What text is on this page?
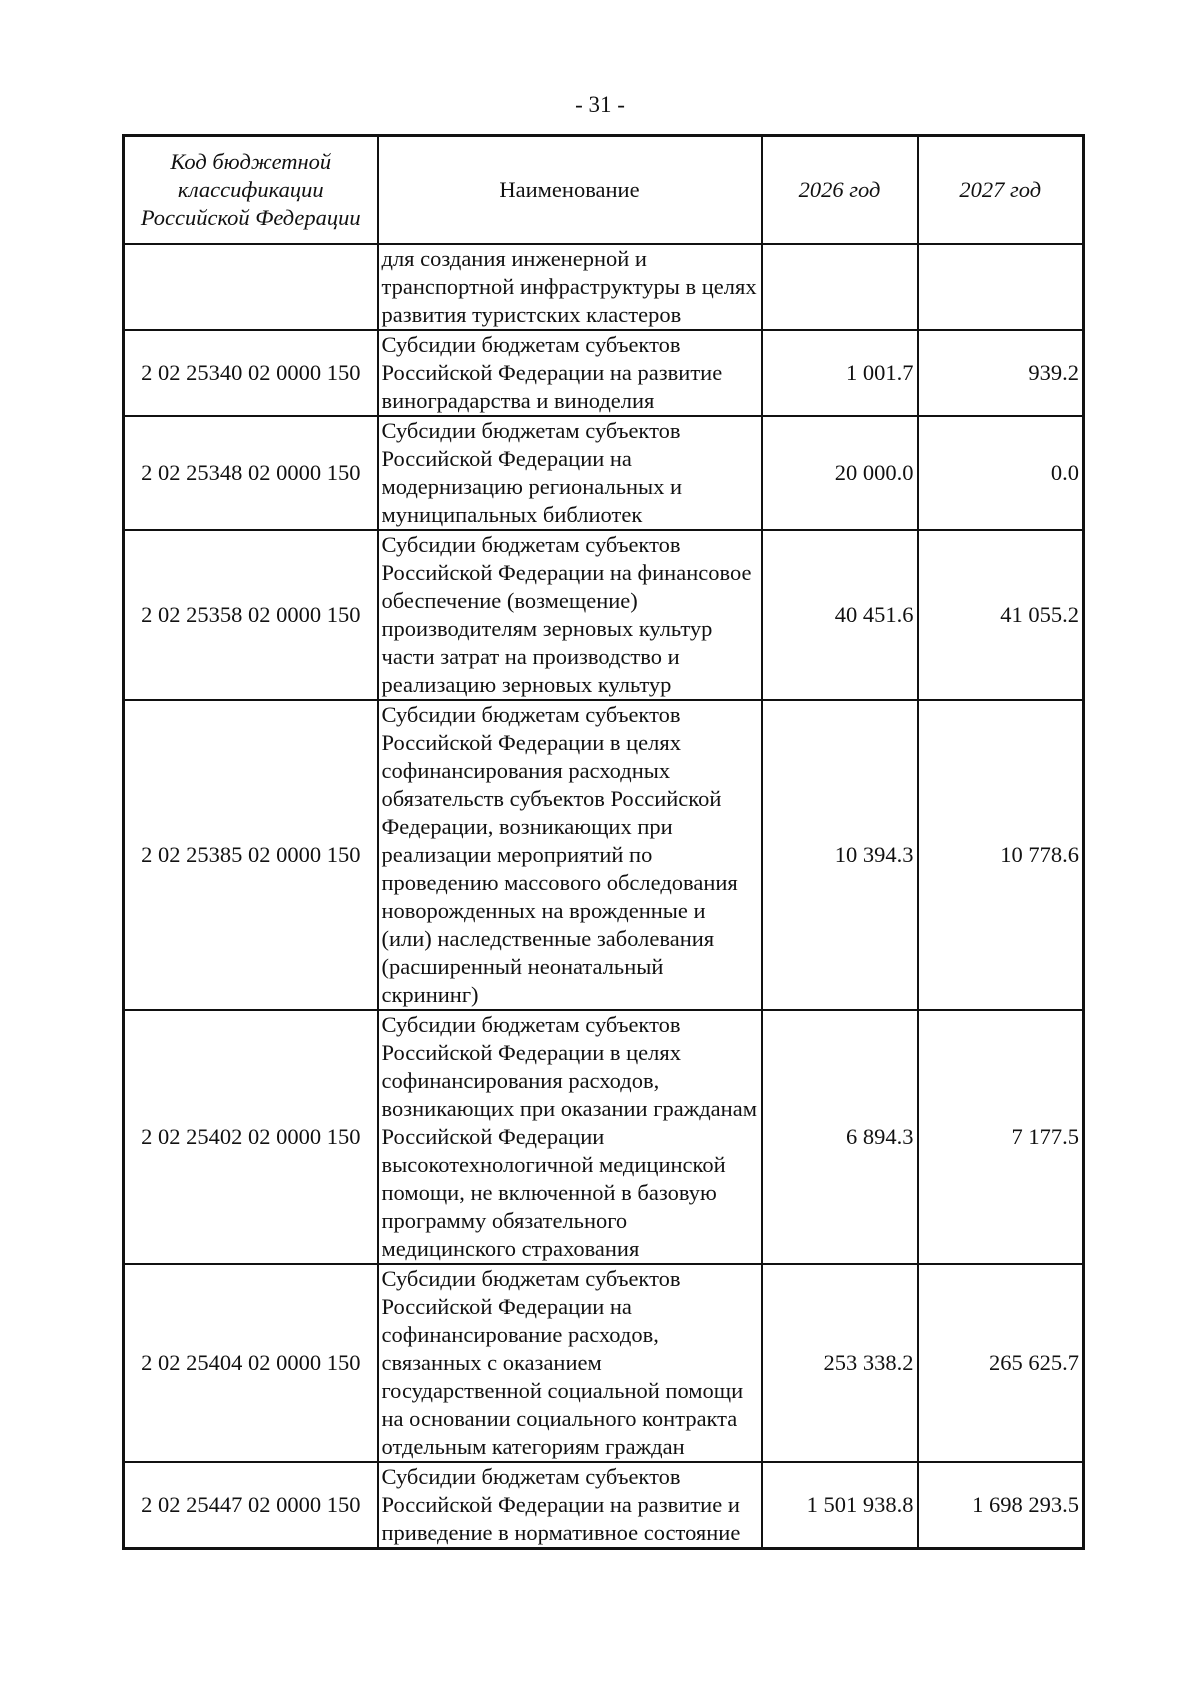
- 31 -
Код бюджетной классификации Российской Федерации	Наименование	2026 год	2027 год
	для создания инженерной и транспортной инфраструктуры в целях развития туристских кластеров		
2 02 25340 02 0000 150	Субсидии бюджетам субъектов Российской Федерации на развитие виноградарства и виноделия	1 001.7	939.2
2 02 25348 02 0000 150	Субсидии бюджетам субъектов Российской Федерации на модернизацию региональных и муниципальных библиотек	20 000.0	0.0
2 02 25358 02 0000 150	Субсидии бюджетам субъектов Российской Федерации на финансовое обеспечение (возмещение) производителям зерновых культур части затрат на производство и реализацию зерновых культур	40 451.6	41 055.2
2 02 25385 02 0000 150	Субсидии бюджетам субъектов Российской Федерации в целях софинансирования расходных обязательств субъектов Российской Федерации, возникающих при реализации мероприятий по проведению массового обследования новорожденных на врожденные и (или) наследственные заболевания (расширенный неонатальный скрининг)	10 394.3	10 778.6
2 02 25402 02 0000 150	Субсидии бюджетам субъектов Российской Федерации в целях софинансирования расходов, возникающих при оказании гражданам Российской Федерации высокотехнологичной медицинской помощи, не включенной в базовую программу обязательного медицинского страхования	6 894.3	7 177.5
2 02 25404 02 0000 150	Субсидии бюджетам субъектов Российской Федерации на софинансирование расходов, связанных с оказанием государственной социальной помощи на основании социального контракта отдельным категориям граждан	253 338.2	265 625.7
2 02 25447 02 0000 150	Субсидии бюджетам субъектов Российской Федерации на развитие и приведение в нормативное состояние	1 501 938.8	1 698 293.5
